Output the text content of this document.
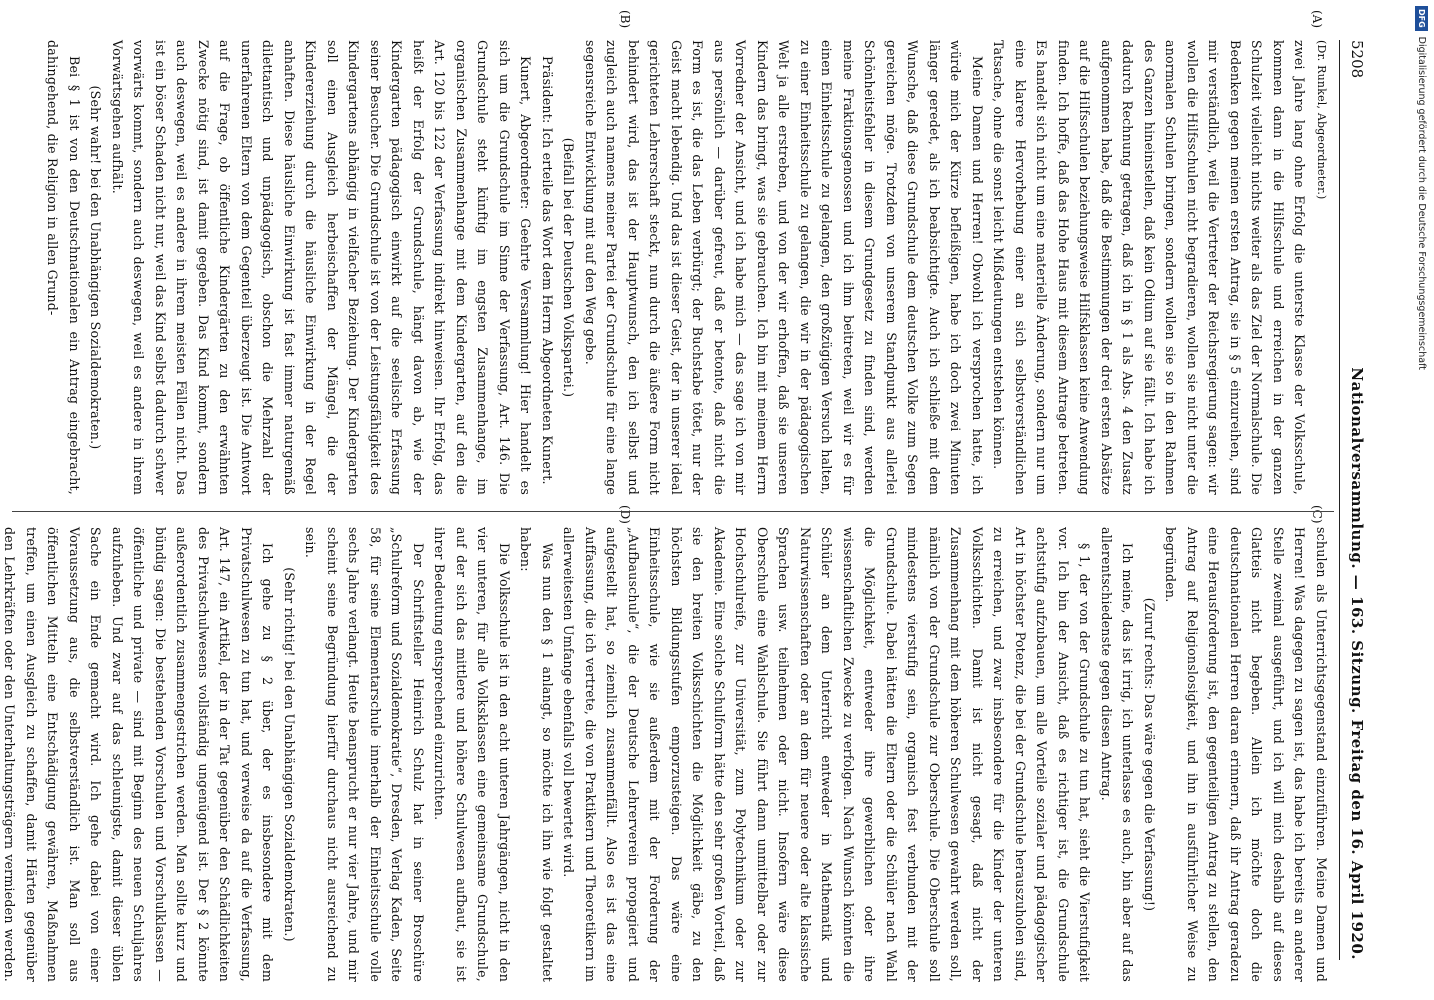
5208
Nationalversammlung. — 163. Sitzung. Freitag den 16. April 1920.
(A)
(B)
(C)
(D)

(Dr. Runkel, Abgeordneter.)

zwei Jahre lang ohne Erfolg die unterste Klasse der Volksschule, kommen dann in die Hilfsschule und erreichen in der ganzen Schulzeit vielleicht nichts weiter als das Ziel der Normalschule. Die Bedenken gegen meinen ersten Antrag, sie in § 5 einzureihen, sind mir verständlich, weil die Vertreter der Reichsregierung sagen: wir wollen die Hilfsschulen nicht begradieren, wollen sie nicht unter die anormalen Schulen bringen, sondern wollen sie so in den Rahmen des Ganzen hineinstellen, daß kein Odium auf sie fällt. Ich habe ich dadurch Rechnung getragen, daß ich in § 1 als Abs. 4 den Zusatz aufgenommen habe, daß die Bestimmungen der drei ersten Absätze auf die Hilfsschulen beziehungsweise Hilfsklassen keine Anwendung finden. Ich hoffe, daß das Hohe Haus mit diesem Antrage betreten. Es handelt sich nicht um eine materielle Änderung, sondern nur um eine klarere Hervorhebung einer an sich selbstverständlichen Tatsache, ohne die sonst leicht Mißdeutungen entstehen können.

Meine Damen und Herren! Obwohl ich versprochen hatte, ich würde mich der Kürze befleißigen, habe ich doch zwei Minuten länger geredet, als ich beabsichtigte. Auch ich schließe mit dem Wunsche, daß diese Grundschule dem deutschen Volke zum Segen gereichen möge. Trotzdem von unserem Standpunkt aus allerlei Schönheitsfehler in diesem Grundgesetz zu finden sind, werden meine Fraktionsgenossen und ich ihm beitreten, weil wir es für einen Einheitsschule zu gelangen, den großzügigen Versuch halten, zu einer Einheitsschule zu gelangen, die wir in der pädagogischen Welt ja alle erstreben, und von der wir erhoffen, daß sie unseren Kindern das bringt, was sie gebrauchen. Ich bin mit meinem Herrn Vorredner der Ansicht, und ich habe mich — das sage ich von mir aus persönlich — darüber gefreut, daß er betonte, daß nicht die Form es ist, die das Leben verbürgt; der Buchstabe tötet, nur der Geist macht lebendig. Und das ist dieser Geist, der in unserer ideal gerichteten Lehrerschaft steckt, nun durch die äußere Form nicht behindert wird, das ist der Hauptwunsch, den ich selbst und zugleich auch namens meiner Partei der Grundschule für eine lange segensreiche Entwicklung mit auf den Weg gebe.

(Beifall bei der Deutschen Volkspartei.)

Präsident: Ich erteile das Wort dem Herrn Abgeordneten Kunert.

Kunert, Abgeordneter: Geehrte Versammlung! Hier handelt es sich um die Grundschule im Sinne der Verfassung, Art. 146. Die Grundschule steht künftig im engsten Zusammenhange, im organischen Zusammenhange mit dem Kindergarten, auf den die Art. 120 bis 122 der Verfassung indirekt hinweisen. Ihr Erfolg, das heißt der Erfolg der Grundschule, hängt davon ab, wie der Kindergarten pädagogisch einwirkt auf die seelische Erfassung seiner Besucher. Die Grundschule ist von der Leistungsfähigkeit des Kindergartens abhängig in vielfacher Beziehung. Der Kindergarten soll einen Ausgleich herbeischaffen der Mängel, die der Kindererziehung durch die häusliche Einwirkung in der Regel anhaften. Diese häusliche Einwirkung ist fast immer naturgemäß dilettantisch und unpädagogisch, obschon die Mehrzahl der unerfahrenen Eltern von dem Gegenteil überzeugt ist. Die Antwort auf die Frage, ob öffentliche Kindergärten zu den erwähnten Zwecke nötig sind, ist damit gegeben. Das Kind kommt, sondern auch deswegen, weil es andere in ihrem meisten Fällen nicht. Das ist ein böser Schaden nicht nur, weil das Kind selbst dadurch schwer vorwärts kommt, sondern auch deswegen, weil es andere in ihrem Vorwärtsgehen aufhält.

(Sehr wahr! bei den Unabhängigen Sozialdemokraten.)

Bei § 1 ist von den Deutschnationalen ein Antrag eingebracht, dahingehend, die Religion in allen Grund-

schulen als Unterrichtsgegenstand einzuführen. Meine Damen und Herren! Was dagegen zu sagen ist, das habe ich bereits an anderer Stelle zweimal ausgeführt, und ich will mich deshalb auf dieses Glatteis nicht begeben. Allein ich möchte doch die deutschnationalen Herren daran erinnern, daß ihr Antrag geradezu eine Herausforderung ist, den gegenteiligen Antrag zu stellen, den Antrag auf Religionslosigkeit, und ihn in ausführlicher Weise zu begründen.

(Zuruf rechts: Das wäre gegen die Verfassung!)

Ich meine, das ist irrig, ich unterlasse es auch, bin aber auf das allerentschiedenste gegen diesen Antrag.

§ 1, der von der Grundschule zu tun hat, sieht die Vierstufigkeit vor. Ich bin der Ansicht, daß es richtiger ist, die Grundschule achtstufig aufzubauen, um alle Vorteile sozialer und pädagogischer Art in höchster Potenz, die bei der Grundschule herauszuholen sind, zu erreichen, und zwar insbesondere für die Kinder der unteren Volksschichten. Damit ist nicht gesagt, daß nicht der Zusammenhang mit dem höheren Schulwesen gewahrt werden soll, nämlich von der Grundschule zur Oberschule. Die Oberschule soll mindestens vierstufig sein, organisch fest verbunden mit der Grundschule. Dabei hätten die Eltern oder die Schüler nach Wahl die Möglichkeit, entweder ihre gewerblichen oder ihre wissenschaftlichen Zwecke zu verfolgen. Nach Wunsch könnten die Schüler an dem Unterricht entweder in Mathematik und Naturwissenschaften oder an dem für neuere oder alte klassische Sprachen usw. teilnehmen oder nicht. Insofern wäre diese Oberschule eine Wahlschule. Sie führt dann unmittelbar oder zur Hochschulreife, zur Universität, zum Polytechnikum oder zur Akademie. Eine solche Schulform hätte den sehr großen Vorteil, daß sie den breiten Volksschichten die Möglichkeit gäbe, zu den höchsten Bildungsstufen emporzusteigen. Das wäre eine Einheitsschule, wie sie außerdem mit der Forderung der „Aufbauschule“, die der Deutsche Lehrerverein propagiert und aufgestellt hat, so ziemlich zusammenfällt. Also es ist das eine Auffassung, die ich vertrete, die von Praktikern und Theoretikern im allerweitesten Umfange ebenfalls voll bewertet wird.

Was nun den § 1 anlangt, so möchte ich ihn wie folgt gestaltet haben:

Die Volksschule ist in den acht unteren Jahrgängen, nicht in den vier unteren, für alle Volksklassen eine gemeinsame Grundschule, auf der sich das mittlere und höhere Schulwesen aufbaut, sie ist ihrer Bedeutung entsprechend einzurichten.

Der Schriftsteller Heinrich Schulz hat in seiner Broschüre „Schulreform und Sozialdemokratie“, Dresden, Verlag Kaden, Seite 58, für seine Elementarschule innerhalb der Einheitsschule volle sechs Jahre verlangt. Heute beansprucht er nur vier Jahre, und mir scheint seine Begründung hierfür durchaus nicht ausreichend zu sein.

(Sehr richtig! bei den Unabhängigen Sozialdemokraten.)

Ich gehe zu § 2 über, der es insbesondere mit dem Privatschulwesen zu tun hat, und verweise da auf die Verfassung, Art. 147, ein Artikel, der in der Tat gegenüber den Schädlichkeiten des Privatschulwesens vollständig ungenügend ist. Der § 2 könnte außerordentlich zusammengestrichen werden. Man sollte kurz und bündig sagen: Die bestehenden Vorschulen und Vorschulklassen — öffentliche und private — sind mit Beginn des neuen Schuljahres aufzuheben. Und zwar auf das schleunigste, damit dieser üblen Sache ein Ende gemacht wird. Ich gehe dabei von einer Voraussetzung aus, die selbstverständlich ist. Man soll aus öffentlichen Mitteln eine Entschädigung gewähren, Maßnahmen treffen, um einen Ausgleich zu schaffen, damit Härten gegenüber den Lehrkräften oder den Unterhaltungsträgern vermieden werden.

DFGDigitalisierung gefördert durch die Deutsche Forschungsgemeinschaft
